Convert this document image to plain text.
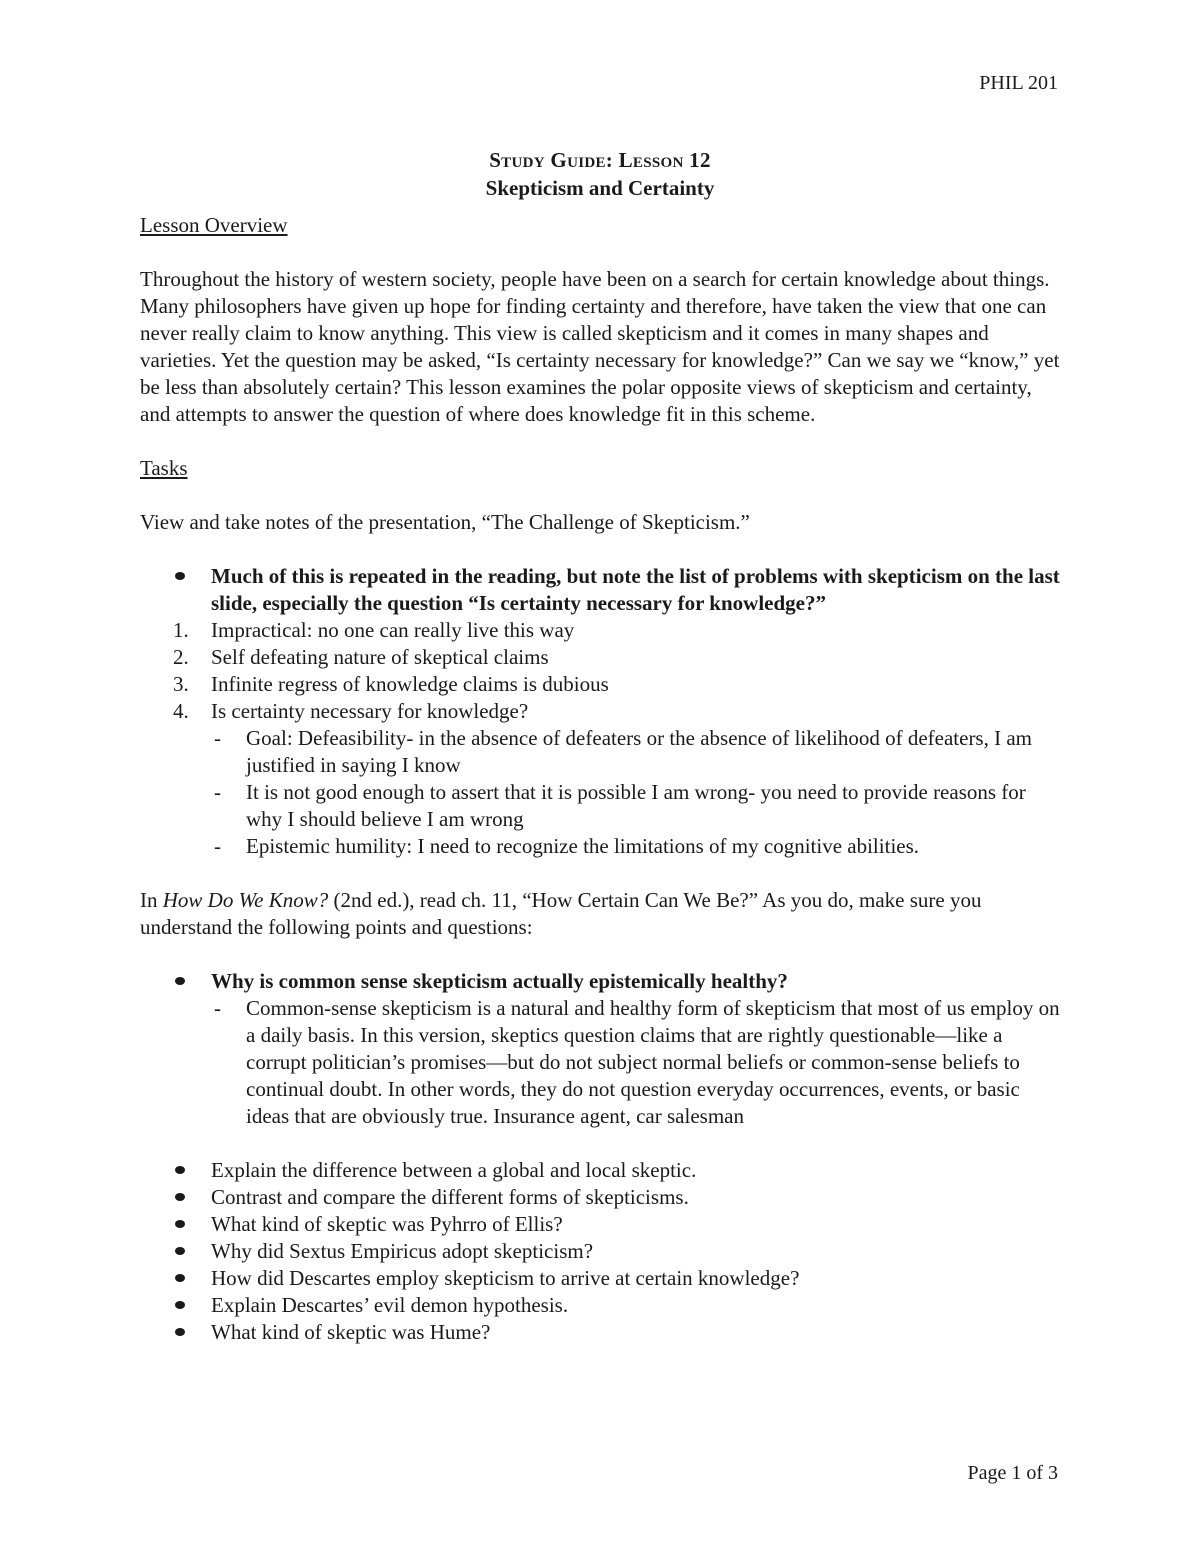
PHIL 201
Study Guide: Lesson 12
Skepticism and Certainty

Lesson Overview

Throughout the history of western society, people have been on a search for certain knowledge about things. Many philosophers have given up hope for finding certainty and therefore, have taken the view that one can never really claim to know anything. This view is called skepticism and it comes in many shapes and varieties. Yet the question may be asked, “Is certainty necessary for knowledge?” Can we say we “know,” yet be less than absolutely certain? This lesson examines the polar opposite views of skepticism and certainty, and attempts to answer the question of where does knowledge fit in this scheme.

Tasks

View and take notes of the presentation, “The Challenge of Skepticism.”

Much of this is repeated in the reading, but note the list of problems with skepticism on the last slide, especially the question “Is certainty necessary for knowledge?”
1. Impractical: no one can really live this way
2. Self defeating nature of skeptical claims
3. Infinite regress of knowledge claims is dubious
4. Is certainty necessary for knowledge?
- Goal: Defeasibility- in the absence of defeaters or the absence of likelihood of defeaters, I am justified in saying I know
- It is not good enough to assert that it is possible I am wrong- you need to provide reasons for why I should believe I am wrong
- Epistemic humility: I need to recognize the limitations of my cognitive abilities.

In How Do We Know? (2nd ed.), read ch. 11, “How Certain Can We Be?” As you do, make sure you understand the following points and questions:

Why is common sense skepticism actually epistemically healthy?
- Common-sense skepticism is a natural and healthy form of skepticism that most of us employ on a daily basis. In this version, skeptics question claims that are rightly questionable—like a corrupt politician’s promises—but do not subject normal beliefs or common-sense beliefs to continual doubt. In other words, they do not question everyday occurrences, events, or basic ideas that are obviously true. Insurance agent, car salesman
Explain the difference between a global and local skeptic.
Contrast and compare the different forms of skepticisms.
What kind of skeptic was Pyhrro of Ellis?
Why did Sextus Empiricus adopt skepticism?
How did Descartes employ skepticism to arrive at certain knowledge?
Explain Descartes’ evil demon hypothesis.
What kind of skeptic was Hume?
Page 1 of 3
